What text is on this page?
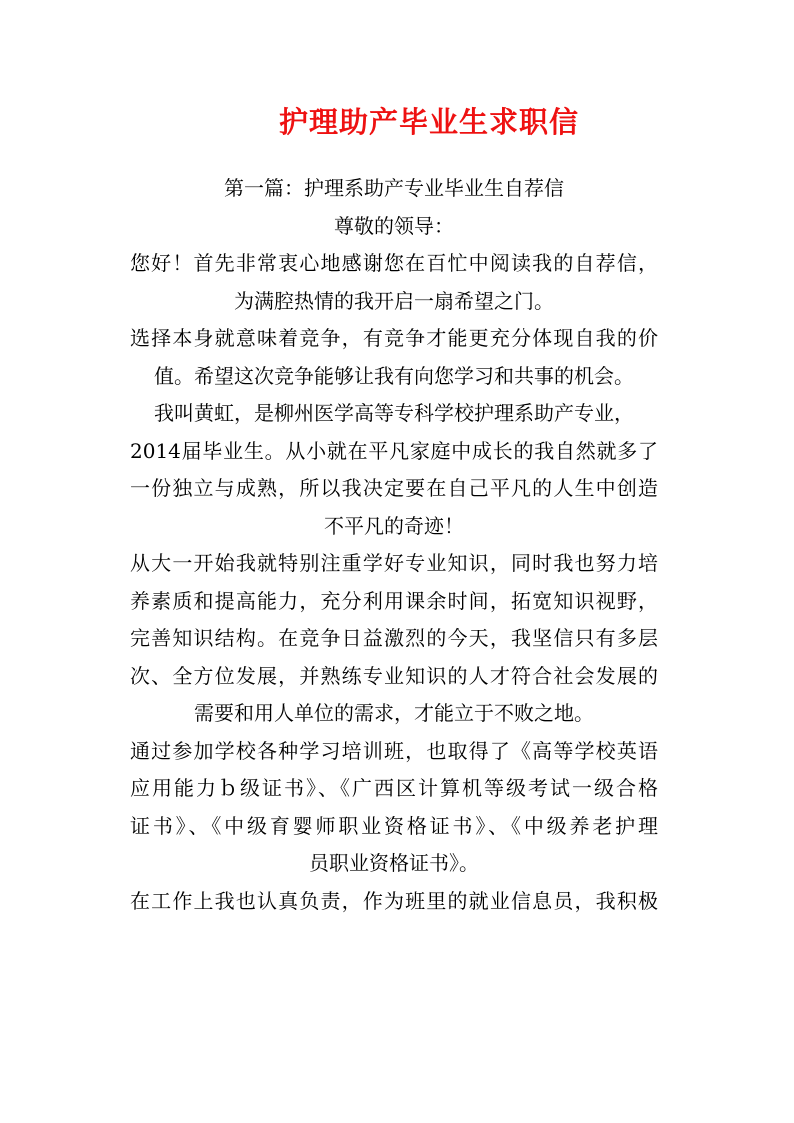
护理助产毕业生求职信
第一篇：护理系助产专业毕业生自荐信
尊敬的领导：
您好！首先非常衷心地感谢您在百忙中阅读我的自荐信，
为满腔热情的我开启一扇希望之门。
选择本身就意味着竞争，有竞争才能更充分体现自我的价
值。希望这次竞争能够让我有向您学习和共事的机会。
我叫黄虹，是柳州医学高等专科学校护理系助产专业，
2014届毕业生。从小就在平凡家庭中成长的我自然就多了
一份独立与成熟，所以我决定要在自己平凡的人生中创造
不平凡的奇迹！
从大一开始我就特别注重学好专业知识，同时我也努力培
养素质和提高能力，充分利用课余时间，拓宽知识视野，
完善知识结构。在竞争日益激烈的今天，我坚信只有多层
次、全方位发展，并熟练专业知识的人才符合社会发展的
需要和用人单位的需求，才能立于不败之地。
通过参加学校各种学习培训班，也取得了《高等学校英语
应用能力ｂ级证书》、《广西区计算机等级考试一级合格
证书》、《中级育婴师职业资格证书》、《中级养老护理
员职业资格证书》。
在工作上我也认真负责，作为班里的就业信息员，我积极
